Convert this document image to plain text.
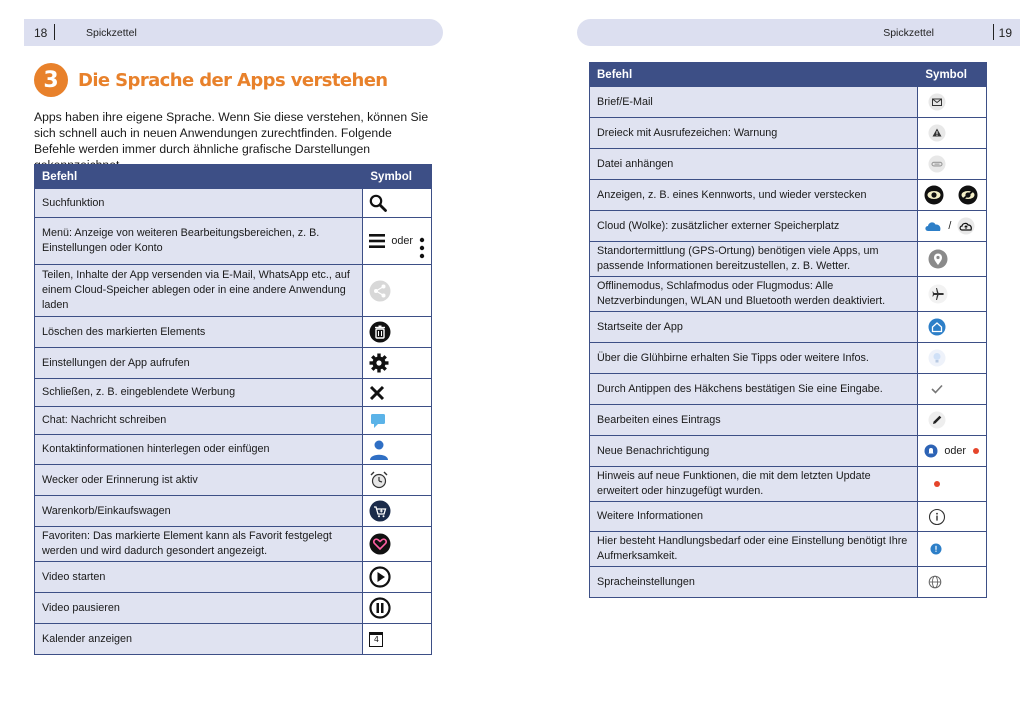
18	Spickzettel	Spickzettel	19
3	Die Sprache der Apps verstehen

Apps haben ihre eigene Sprache. Wenn Sie diese verstehen, können Sie sich schnell auch in neuen Anwendungen zurechtfinden. Folgende Befehle werden immer durch ähnliche grafische Darstellungen

Befehl	Symbol
Suchfunktion	

Menü: Anzeige von weiteren Bearbeitungsbereichen, z. B. Einstellungen oder Konto	oder

Teilen, Inhalte der App versenden via E-Mail, WhatsApp etc., auf einem Cloud-Speicher ablegen oder in eine andere Anwendung laden	

Löschen des markierten Elements	

Einstellungen der App aufrufen	

Schließen, z. B. eingeblendete Werbung	

Chat: Nachricht schreiben	

Kontaktinformationen hinterlegen oder einfügen	

Wecker oder Erinnerung ist aktiv	

Warenkorb/Einkaufswagen	

Favoriten: Das markierte Element kann als Favorit festgelegt werden und wird dadurch gesondert angezeigt.	

Video starten	

Video pausieren	

Kalender anzeigen	4
Befehl	Symbol
Brief/E-Mail	

Dreieck mit Ausrufezeichen: Warnung	

Datei anhängen	

Anzeigen, z. B. eines Kennworts, und wieder verstecken	

Cloud (Wolke): zusätzlicher externer Speicherplatz	/

Standortermittlung (GPS-Ortung) benötigen viele Apps, um passende Informationen bereitzustellen, z. B. Wetter.	

Offlinemodus, Schlafmodus oder Flugmodus: Alle Netzverbindungen, WLAN und Bluetooth werden deaktiviert.	

Startseite der App	

Über die Glühbirne erhalten Sie Tipps oder weitere Infos.	

Durch Antippen des Häkchens bestätigen Sie eine Eingabe.	

Bearbeiten eines Eintrags	

Neue Benachrichtigung	oder

Hinweis auf neue Funktionen, die mit dem letzten Update erweitert oder hinzugefügt wurden.	

Weitere Informationen	

Hier besteht Handlungsbedarf oder eine Einstellung benötigt Ihre Aufmerksamkeit.	

Spracheinstellungen	
